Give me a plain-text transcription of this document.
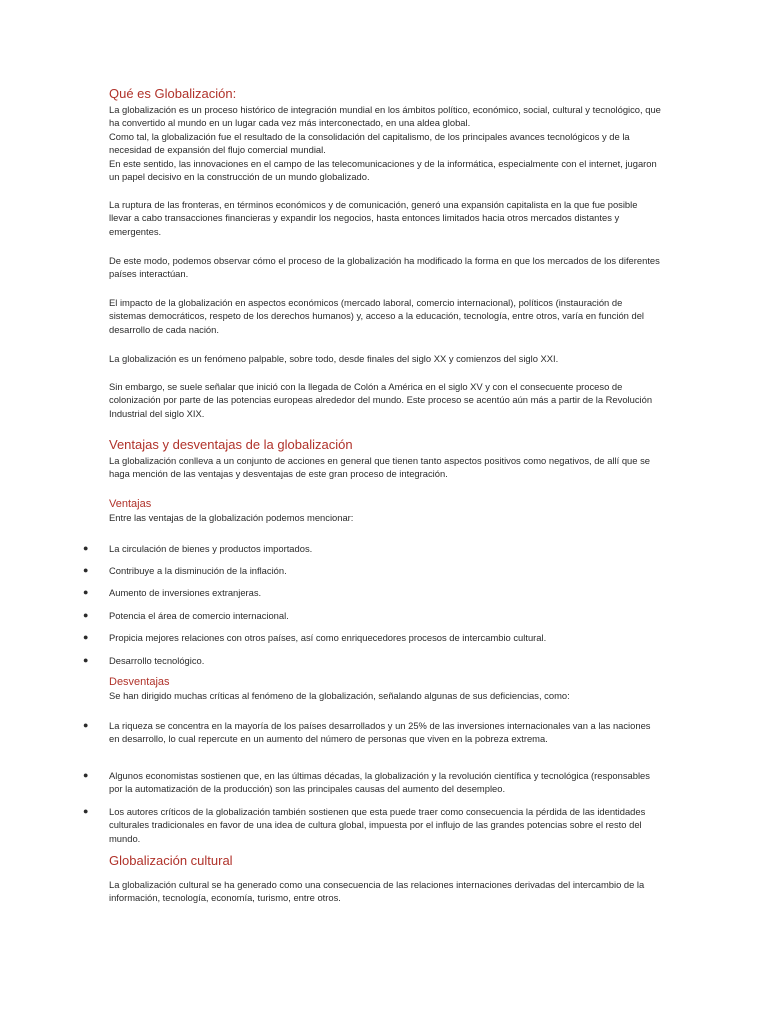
Qué es Globalización:

La globalización es un proceso histórico de integración mundial en los ámbitos político, económico, social, cultural y tecnológico, que ha convertido al mundo en un lugar cada vez más interconectado, en una aldea global.

Como tal, la globalización fue el resultado de la consolidación del capitalismo, de los principales avances tecnológicos y de la necesidad de expansión del flujo comercial mundial.

En este sentido, las innovaciones en el campo de las telecomunicaciones y de la informática, especialmente con el internet, jugaron un papel decisivo en la construcción de un mundo globalizado.

La ruptura de las fronteras, en términos económicos y de comunicación, generó una expansión capitalista en la que fue posible llevar a cabo transacciones financieras y expandir los negocios, hasta entonces limitados hacia otros mercados distantes y emergentes.

De este modo, podemos observar cómo el proceso de la globalización ha modificado la forma en que los mercados de los diferentes países interactúan.

El impacto de la globalización en aspectos económicos (mercado laboral, comercio internacional), políticos (instauración de sistemas democráticos, respeto de los derechos humanos) y, acceso a la educación, tecnología, entre otros, varía en función del desarrollo de cada nación.

La globalización es un fenómeno palpable, sobre todo, desde finales del siglo XX y comienzos del siglo XXI.

Sin embargo, se suele señalar que inició con la llegada de Colón a América en el siglo XV y con el consecuente proceso de colonización por parte de las potencias europeas alrededor del mundo. Este proceso se acentúo aún más a partir de la Revolución Industrial del siglo XIX.

Ventajas y desventajas de la globalización

La globalización conlleva a un conjunto de acciones en general que tienen tanto aspectos positivos como negativos, de allí que se haga mención de las ventajas y desventajas de este gran proceso de integración.

Ventajas

Entre las ventajas de la globalización podemos mencionar:

● La circulación de bienes y productos importados.
● Contribuye a la disminución de la inflación.
● Aumento de inversiones extranjeras.
● Potencia el área de comercio internacional.
● Propicia mejores relaciones con otros países, así como enriquecedores procesos de intercambio cultural.
● Desarrollo tecnológico.
Desventajas

Se han dirigido muchas críticas al fenómeno de la globalización, señalando algunas de sus deficiencias, como:

● La riqueza se concentra en la mayoría de los países desarrollados y un 25% de las inversiones internacionales van a las naciones en desarrollo, lo cual repercute en un aumento del número de personas que viven en la pobreza extrema.
● Algunos economistas sostienen que, en las últimas décadas, la globalización y la revolución científica y tecnológica (responsables por la automatización de la producción) son las principales causas del aumento del desempleo.
● Los autores críticos de la globalización también sostienen que esta puede traer como consecuencia la pérdida de las identidades culturales tradicionales en favor de una idea de cultura global, impuesta por el influjo de las grandes potencias sobre el resto del mundo.
Globalización cultural

La globalización cultural se ha generado como una consecuencia de las relaciones internaciones derivadas del intercambio de la información, tecnología, economía, turismo, entre otros.
